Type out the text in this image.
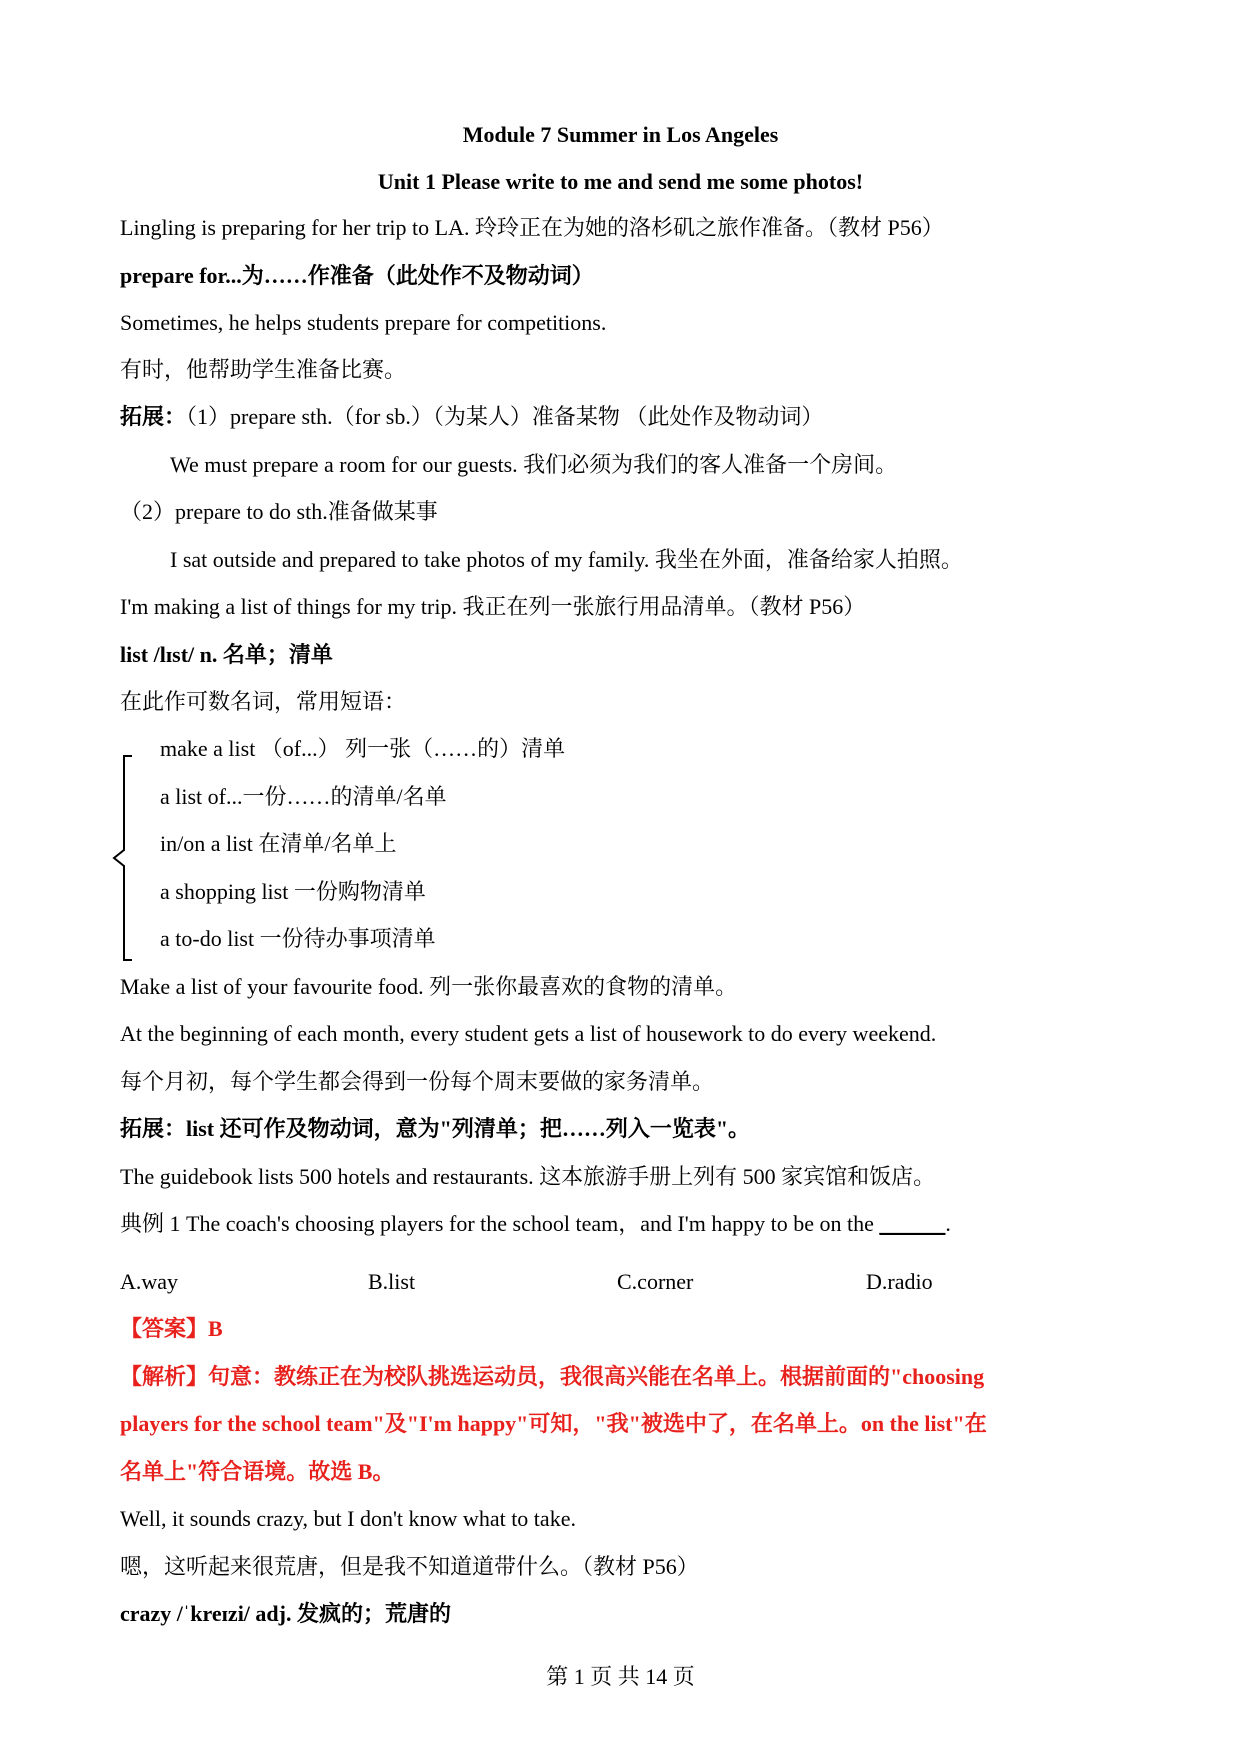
Module 7 Summer in Los Angeles
Unit 1 Please write to me and send me some photos!
Lingling is preparing for her trip to LA. 玲玲正在为她的洛杉矶之旅作准备。（教材 P56）
prepare for...为……作准备（此处作不及物动词）
Sometimes, he helps students prepare for competitions.
有时，他帮助学生准备比赛。
拓展：（1）prepare sth.（for sb.）（为某人）准备某物 （此处作及物动词）
We must prepare a room for our guests. 我们必须为我们的客人准备一个房间。
（2）prepare to do sth.准备做某事
I sat outside and prepared to take photos of my family. 我坐在外面，准备给家人拍照。
I'm making a list of things for my trip. 我正在列一张旅行用品清单。（教材 P56）
list /lɪst/ n. 名单；清单
在此作可数名词，常用短语：
make a list （of...） 列一张（……的）清单
a list of...一份……的清单/名单
in/on a list 在清单/名单上
a shopping list 一份购物清单
a to-do list 一份待办事项清单
Make a list of your favourite food. 列一张你最喜欢的食物的清单。
At the beginning of each month, every student gets a list of housework to do every weekend.
每个月初，每个学生都会得到一份每个周末要做的家务清单。
拓展：list 还可作及物动词，意为"列清单；把……列入一览表"。
The guidebook lists 500 hotels and restaurants. 这本旅游手册上列有 500 家宾馆和饭店。
典例 1 The coach's choosing players for the school team，and I'm happy to be on the ______.
A.way	B.list	C.corner	D.radio
【答案】B
【解析】句意：教练正在为校队挑选运动员，我很高兴能在名单上。根据前面的"choosing
players for the school team"及"I'm happy"可知，"我"被选中了，在名单上。on the list"在
名单上"符合语境。故选 B。
Well, it sounds crazy, but I don't know what to take.
嗯，这听起来很荒唐，但是我不知道道带什么。（教材 P56）
crazy /ˈkreɪzi/ adj. 发疯的；荒唐的
第 1 页 共 14 页
